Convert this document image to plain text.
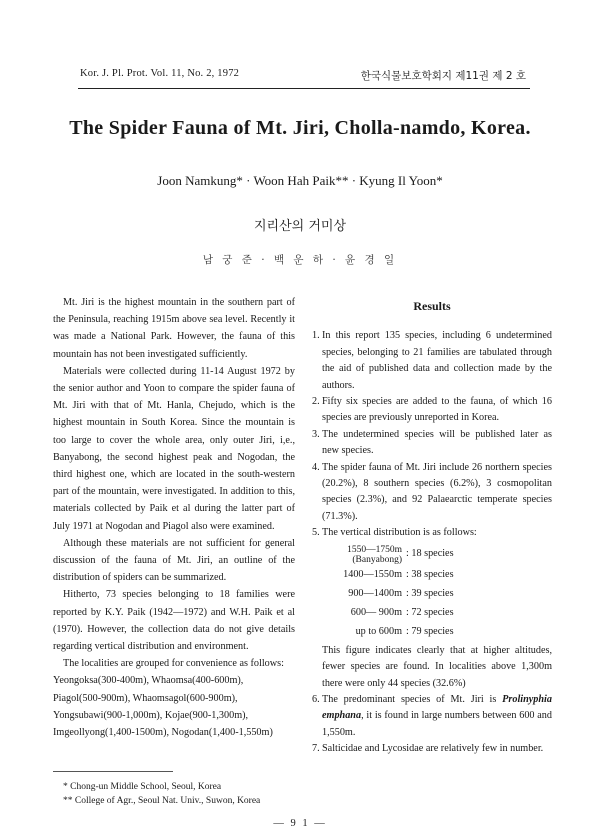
Kor. J. Pl. Prot. Vol. 11, No. 2, 1972	한국식물보호학회지 제11권 제 2 호
The Spider Fauna of Mt. Jiri, Cholla-namdo, Korea.
Joon Namkung* · Woon Hah Paik** · Kyung Il Yoon*
지리산의 거미상
남 궁 준 · 백 운 하 · 윤 경 일

Mt. Jiri is the highest mountain in the southern part of the Peninsula, reaching 1915m above sea level. Recently it was made a National Park. However, the fauna of this mountain has not been investigated sufficiently.

Materials were collected during 11-14 August 1972 by the senior author and Yoon to compare the spider fauna of Mt. Jiri with that of Mt. Hanla, Chejudo, which is the highest mountain in South Korea. Since the mountain is too large to cover the whole area, only outer Jiri, i,e., Banyabong, the second highest peak and Nogodan, the third highest one, which are located in the south-western part of the mountain, were investigated. In addition to this, materials collected by Paik et al during the latter part of July 1971 at Nogodan and Piagol also were examined.

Although these materials are not sufficient for general discussion of the fauna of Mt. Jiri, an outline of the distribution of spiders can be summarized.

Hitherto, 73 species belonging to 18 families were reported by K.Y. Paik (1942—1972) and W.H. Paik et al (1970). However, the collection data do not give details regarding vertical distribution and environment.

The localities are grouped for convenience as follows:

Yeongoksa(300-400m), Whaomsa(400-600m),
Piagol(500-900m), Whaomsagol(600-900m),
Yongsubawi(900-1,000m), Kojae(900-1,300m),
Imgeollyong(1,400-1500m), Nogodan(1,400-1,550m)
Results
1. In this report 135 species, including 6 undetermined species, belonging to 21 families are tabulated through the aid of published data and collection made by the authors.
2. Fifty six species are added to the fauna, of which 16 species are previously unreported in Korea.
3. The undetermined species will be published later as new species.
4. The spider fauna of Mt. Jiri include 26 northern species (20.2%), 8 southern species (6.2%), 3 cosmopolitan species (2.3%), and 92 Palaearctic temperate species (71.3%).
5. The vertical distribution is as follows:
1550—1750m
(Banyabong)
: 18 species
1400—1550m : 38 species
900—1400m : 39 species
600— 900m : 72 species
up to 600m : 79 species
This figure indicates clearly that at higher altitudes, fewer species are found. In localities above 1,300m there were only 44 species (32.6%)
6. The predominant species of Mt. Jiri is Prolinyphia emphana, it is found in large numbers between 600 and 1,550m.
7. Salticidae and Lycosidae are relatively few in number.
* Chong-un Middle School, Seoul, Korea
** College of Agr., Seoul Nat. Univ., Suwon, Korea
— 9 1 —
